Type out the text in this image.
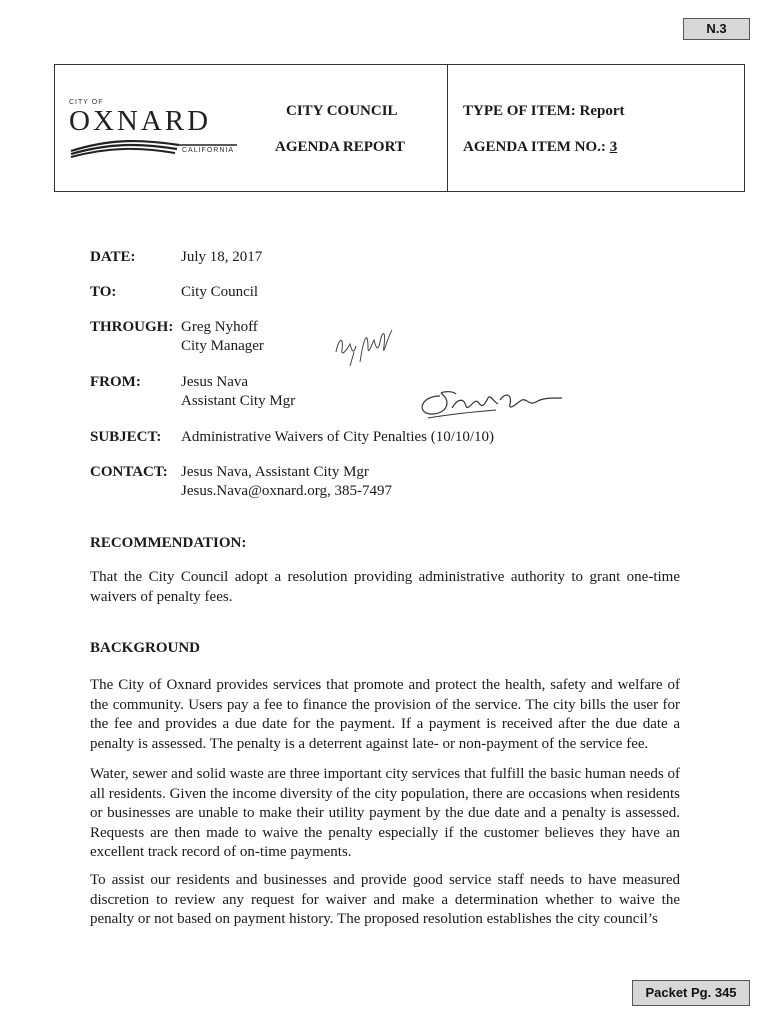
N.3
CITY OF
OXNARD
CALIFORNIA
CITY COUNCIL
AGENDA REPORT
TYPE OF ITEM: Report
AGENDA ITEM NO.: 3
DATE:	July 18, 2017
TO:	City Council
THROUGH: Greg Nyhoff
City Manager
FROM:	Jesus Nava
Assistant City Mgr
SUBJECT: Administrative Waivers of City Penalties (10/10/10)
CONTACT: Jesus Nava, Assistant City Mgr
Jesus.Nava@oxnard.org, 385-7497
RECOMMENDATION:

That the City Council adopt a resolution providing administrative authority to grant one-time waivers of penalty fees.

BACKGROUND

The City of Oxnard provides services that promote and protect the health, safety and welfare of the community. Users pay a fee to finance the provision of the service. The city bills the user for the fee and provides a due date for the payment. If a payment is received after the due date a penalty is assessed. The penalty is a deterrent against late- or non-payment of the service fee.

Water, sewer and solid waste are three important city services that fulfill the basic human needs of all residents. Given the income diversity of the city population, there are occasions when residents or businesses are unable to make their utility payment by the due date and a penalty is assessed. Requests are then made to waive the penalty especially if the customer believes they have an excellent track record of on-time payments.

To assist our residents and businesses and provide good service staff needs to have measured discretion to review any request for waiver and make a determination whether to waive the penalty or not based on payment history. The proposed resolution establishes the city council’s

Packet Pg. 345
